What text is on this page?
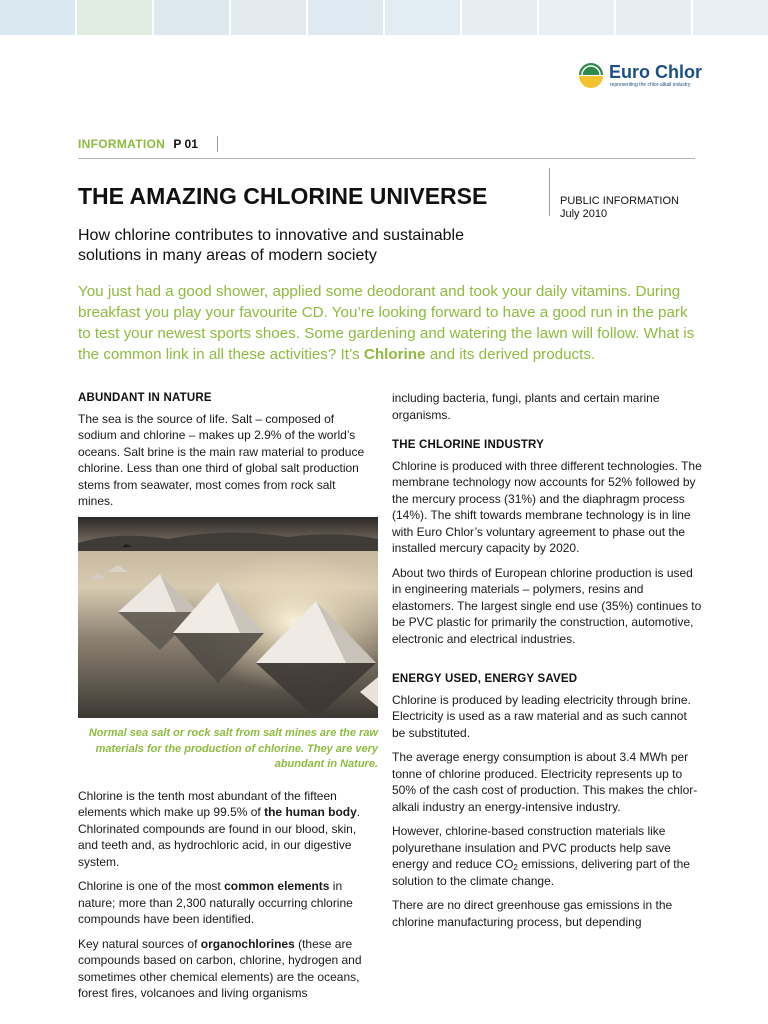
Euro Chlor
representing the chlor-alkali industry
INFORMATION P 01
THE AMAZING CHLORINE UNIVERSE	PUBLIC INFORMATION
July 2010

How chlorine contributes to innovative and sustainable solutions in many areas of modern society

You just had a good shower, applied some deodorant and took your daily vitamins. During breakfast you play your favourite CD. You’re looking forward to have a good run in the park to test your newest sports shoes. Some gardening and watering the lawn will follow. What is the common link in all these activities? It’s Chlorine and its derived products.

ABUNDANT IN NATURE

The sea is the source of life. Salt – composed of sodium and chlorine – makes up 2.9% of the world’s oceans. Salt brine is the main raw material to produce chlorine. Less than one third of global salt production stems from seawater, most comes from rock salt mines.

Chlorine is the tenth most abundant of the fifteen elements which make up 99.5% of the human body. Chlorinated compounds are found in our blood, skin, and teeth and, as hydrochloric acid, in our digestive system.

Chlorine is one of the most common elements in nature; more than 2,300 naturally occurring chlorine compounds have been identified.

Key natural sources of organochlorines (these are compounds based on carbon, chlorine, hydrogen and sometimes other chemical elements) are the oceans, forest fires, volcanoes and living organisms

Normal sea salt or rock salt from salt mines are the raw materials for the production of chlorine. They are very abundant in Nature.

including bacteria, fungi, plants and certain marine organisms.

THE CHLORINE INDUSTRY

Chlorine is produced with three different technologies. The membrane technology now accounts for 52% followed by the mercury process (31%) and the diaphragm process (14%). The shift towards membrane technology is in line with Euro Chlor’s voluntary agreement to phase out the installed mercury capacity by 2020.

About two thirds of European chlorine production is used in engineering materials – polymers, resins and elastomers. The largest single end use (35%) continues to be PVC plastic for primarily the construction, automotive, electronic and electrical industries.

ENERGY USED, ENERGY SAVED

Chlorine is produced by leading electricity through brine. Electricity is used as a raw material and as such cannot be substituted.

The average energy consumption is about 3.4 MWh per tonne of chlorine produced. Electricity represents up to 50% of the cash cost of production. This makes the chlor-alkali industry an energy-intensive industry.

However, chlorine-based construction materials like polyurethane insulation and PVC products help save energy and reduce $CO_2$ emissions, delivering part of the solution to the climate change.

There are no direct greenhouse gas emissions in the chlorine manufacturing process, but depending
